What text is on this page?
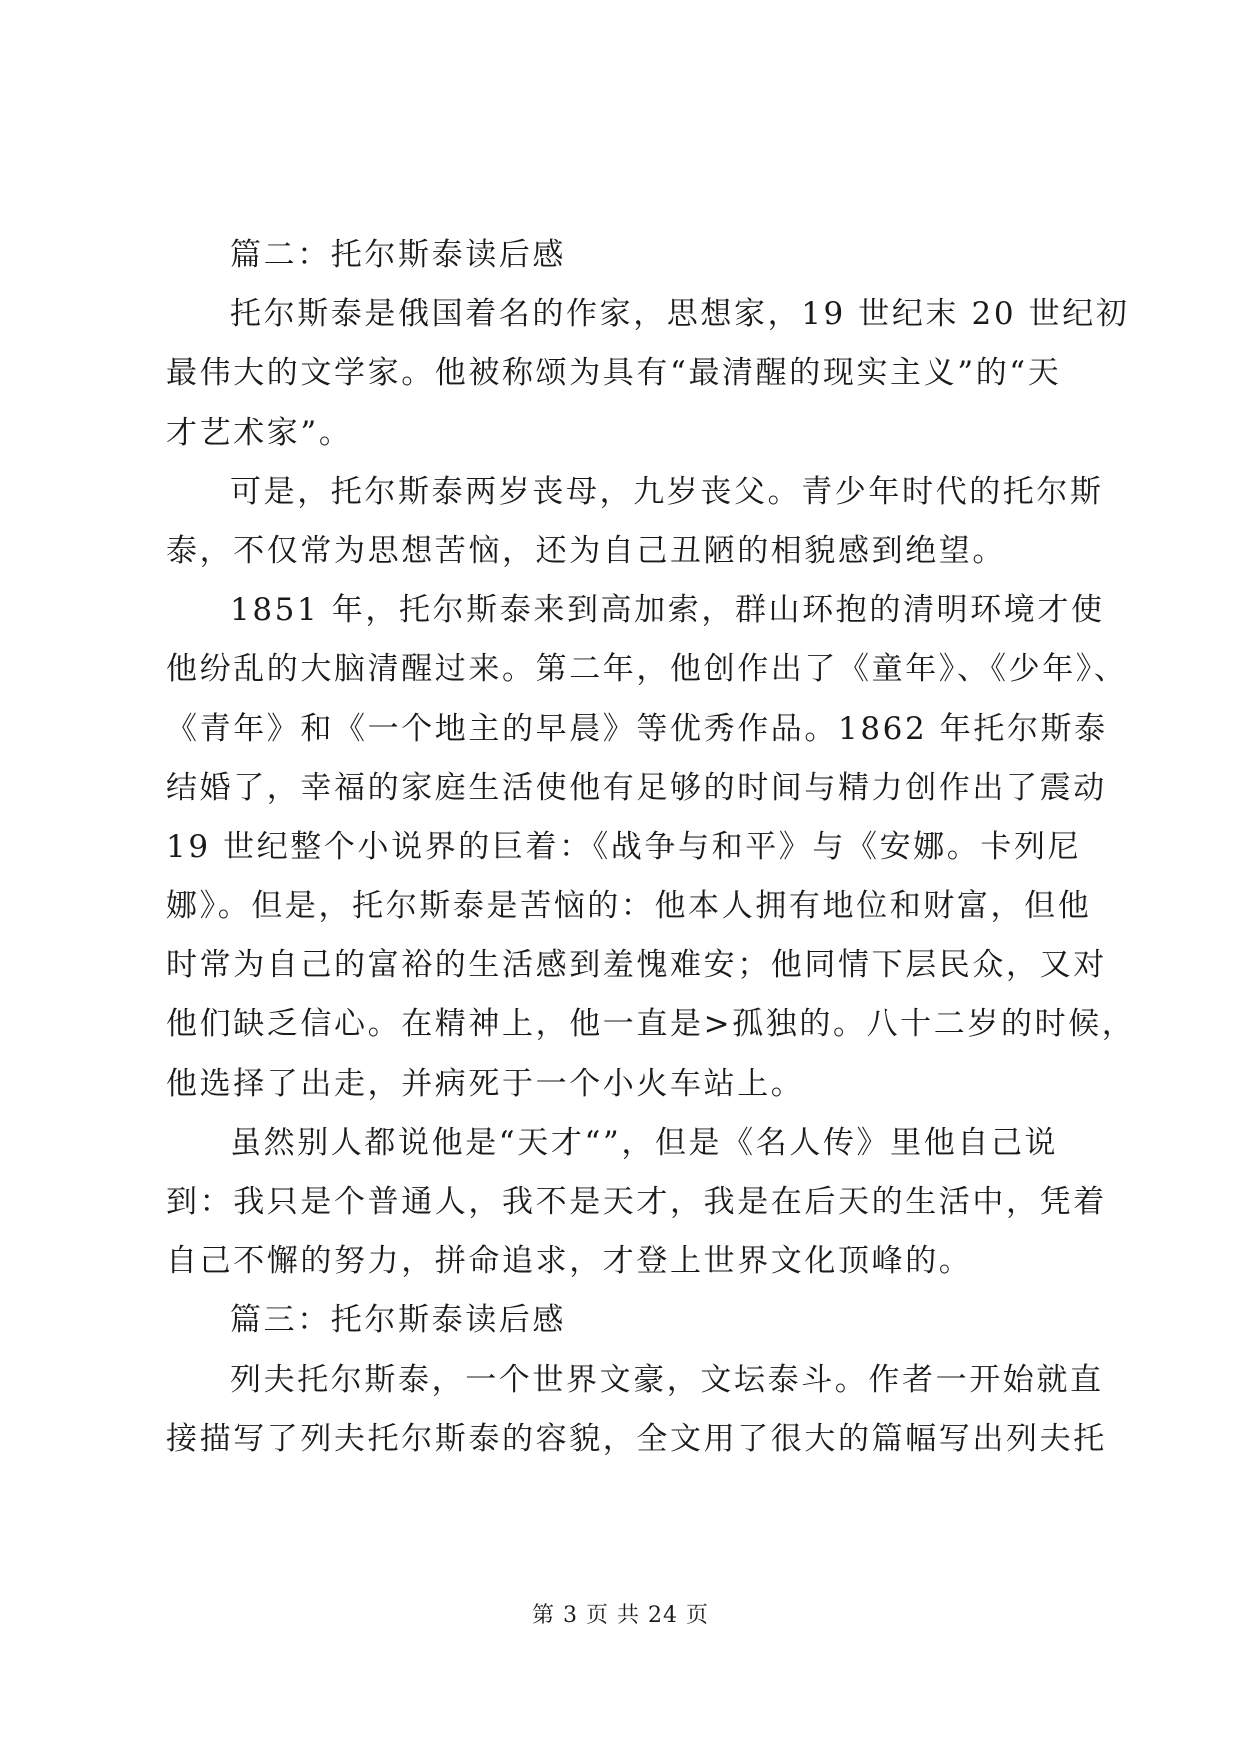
篇二：托尔斯泰读后感
托尔斯泰是俄国着名的作家，思想家，19 世纪末 20 世纪初
最伟大的文学家。他被称颂为具有“最清醒的现实主义”的“天
才艺术家”。
可是，托尔斯泰两岁丧母，九岁丧父。青少年时代的托尔斯
泰，不仅常为思想苦恼，还为自己丑陋的相貌感到绝望。
1851 年，托尔斯泰来到高加索，群山环抱的清明环境才使
他纷乱的大脑清醒过来。第二年，他创作出了《童年》、《少年》、
《青年》和《一个地主的早晨》等优秀作品。1862 年托尔斯泰
结婚了，幸福的家庭生活使他有足够的时间与精力创作出了震动
19 世纪整个小说界的巨着：《战争与和平》与《安娜。卡列尼
娜》。但是，托尔斯泰是苦恼的：他本人拥有地位和财富，但他
时常为自己的富裕的生活感到羞愧难安；他同情下层民众，又对
他们缺乏信心。在精神上，他一直是>孤独的。八十二岁的时候，
他选择了出走，并病死于一个小火车站上。
虽然别人都说他是“天才“”，但是《名人传》里他自己说
到：我只是个普通人，我不是天才，我是在后天的生活中，凭着
自己不懈的努力，拼命追求，才登上世界文化顶峰的。
篇三：托尔斯泰读后感
列夫托尔斯泰，一个世界文豪，文坛泰斗。作者一开始就直
接描写了列夫托尔斯泰的容貌，全文用了很大的篇幅写出列夫托
第 3 页 共 24 页
